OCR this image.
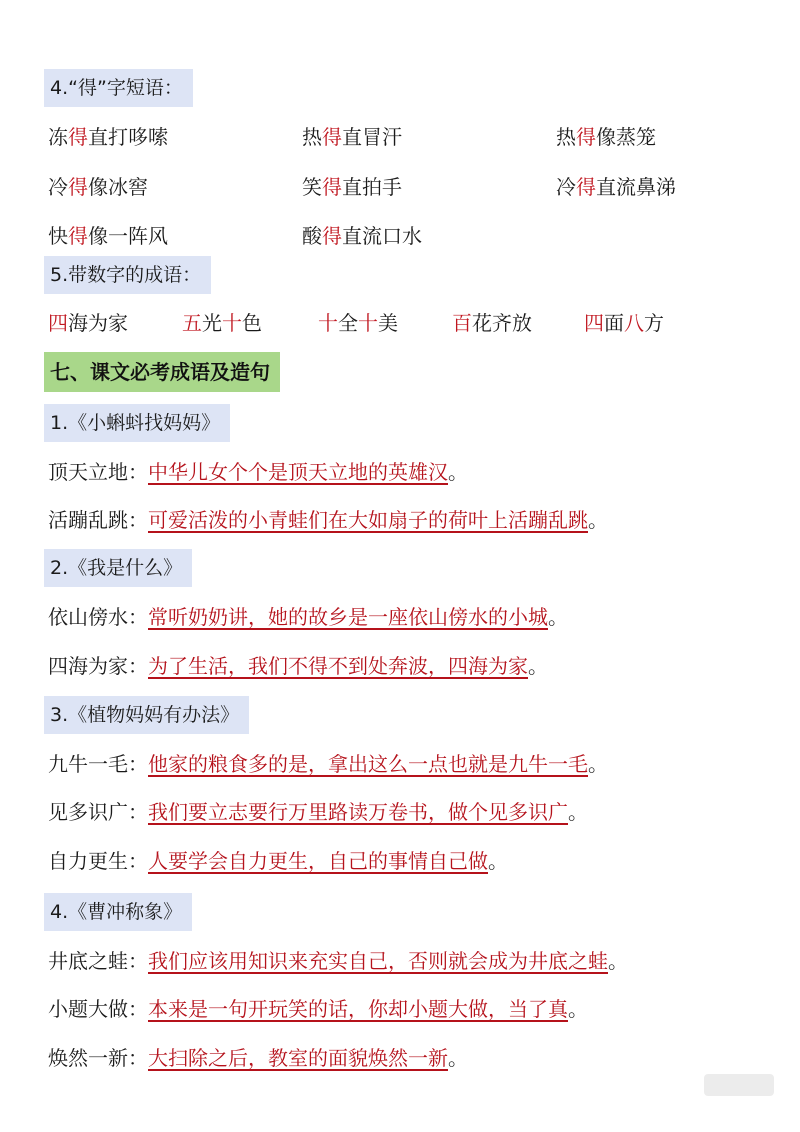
4.“得”字短语：
冻得直打哆嗦	热得直冒汗	热得像蒸笼
冷得像冰窖	笑得直拍手	冷得直流鼻涕
快得像一阵风	酸得直流口水
5.带数字的成语：
四海为家	五光十色	十全十美	百花齐放	四面八方
七、课文必考成语及造句
1.《小蝌蚪找妈妈》
顶天立地：中华儿女个个是顶天立地的英雄汉。
活蹦乱跳：可爱活泼的小青蛙们在大如扇子的荷叶上活蹦乱跳。
2.《我是什么》
依山傍水：常听奶奶讲，她的故乡是一座依山傍水的小城。
四海为家：为了生活，我们不得不到处奔波，四海为家。
3.《植物妈妈有办法》
九牛一毛：他家的粮食多的是，拿出这么一点也就是九牛一毛。
见多识广：我们要立志要行万里路读万卷书，做个见多识广。
自力更生：人要学会自力更生，自己的事情自己做。
4.《曹冲称象》
井底之蛙：我们应该用知识来充实自己，否则就会成为井底之蛙。
小题大做：本来是一句开玩笑的话，你却小题大做，当了真。
焕然一新：大扫除之后，教室的面貌焕然一新。
